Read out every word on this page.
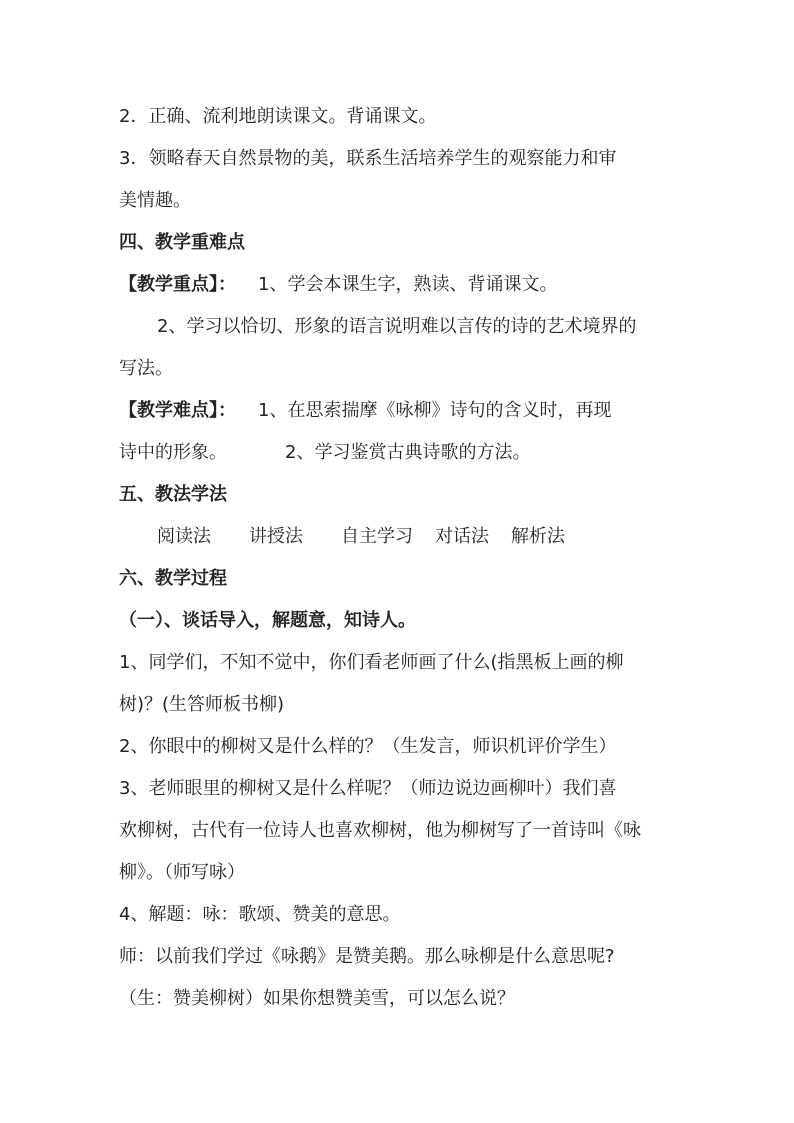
2．正确、流利地朗读课文。背诵课文。
3．领略春天自然景物的美，联系生活培养学生的观察能力和审
美情趣。
四、教学重难点
【教学重点】： 1、学会本课生字，熟读、背诵课文。
2、学习以恰切、形象的语言说明难以言传的诗的艺术境界的
写法。
【教学难点】： 1、在思索揣摩《咏柳》诗句的含义时，再现
诗中的形象。	2、学习鉴赏古典诗歌的方法。
五、教法学法
阅读法 讲授法 自主学习 对话法 解析法
六、教学过程
（一）、谈话导入，解题意，知诗人。
1、同学们，不知不觉中，你们看老师画了什么(指黑板上画的柳
树)？(生答师板书柳)
2、你眼中的柳树又是什么样的？（生发言，师识机评价学生）
3、老师眼里的柳树又是什么样呢？（师边说边画柳叶）我们喜
欢柳树，古代有一位诗人也喜欢柳树，他为柳树写了一首诗叫《咏
柳》。（师写咏）
4、解题：咏：歌颂、赞美的意思。
师：以前我们学过《咏鹅》是赞美鹅。那么咏柳是什么意思呢?
（生：赞美柳树）如果你想赞美雪，可以怎么说？
